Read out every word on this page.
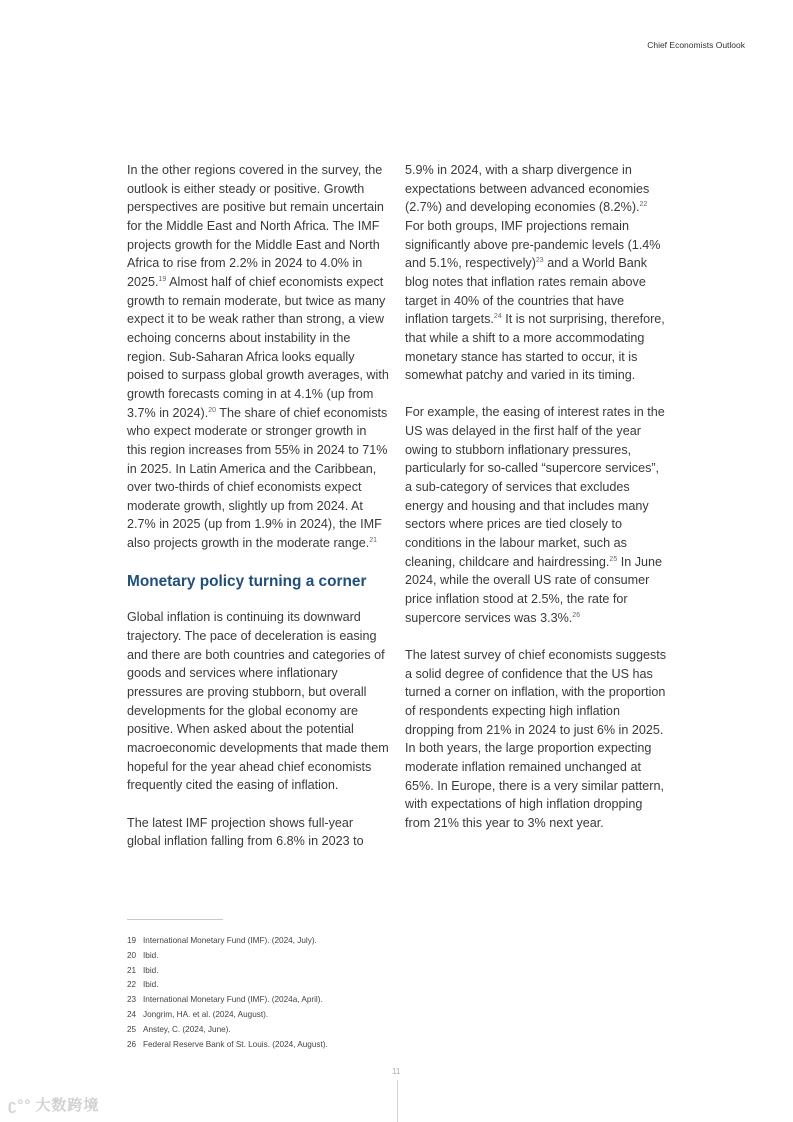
Chief Economists Outlook

In the other regions covered in the survey, the outlook is either steady or positive. Growth perspectives are positive but remain uncertain for the Middle East and North Africa. The IMF projects growth for the Middle East and North Africa to rise from 2.2% in 2024 to 4.0% in 2025.19 Almost half of chief economists expect growth to remain moderate, but twice as many expect it to be weak rather than strong, a view echoing concerns about instability in the region. Sub-Saharan Africa looks equally poised to surpass global growth averages, with growth forecasts coming in at 4.1% (up from 3.7% in 2024).$^{20}$ The share of chief economists who expect moderate or stronger growth in this region increases from 55% in 2024 to 71% in 2025. In Latin America and the Caribbean, over two-thirds of chief economists expect moderate growth, slightly up from 2024. At 2.7% in 2025 (up from 1.9% in 2024), the IMF also projects growth in the moderate range.$^{21}$

Monetary policy turning a corner

Global inflation is continuing its downward trajectory. The pace of deceleration is easing and there are both countries and categories of goods and services where inflationary pressures are proving stubborn, but overall developments for the global economy are positive. When asked about the potential macroeconomic developments that made them hopeful for the year ahead chief economists frequently cited the easing of inflation.

The latest IMF projection shows full-year global inflation falling from 6.8% in 2023 to

5.9% in 2024, with a sharp divergence in expectations between advanced economies (2.7%) and developing economies (8.2%).$^{22}$ For both groups, IMF projections remain significantly above pre-pandemic levels (1.4% and 5.1%, respectively)$^{23}$ and a World Bank blog notes that inflation rates remain above target in 40% of the countries that have inflation targets.$^{24}$ It is not surprising, therefore, that while a shift to a more accommodating monetary stance has started to occur, it is somewhat patchy and varied in its timing.

For example, the easing of interest rates in the US was delayed in the first half of the year owing to stubborn inflationary pressures, particularly for so-called “supercore services”, a sub-category of services that excludes energy and housing and that includes many sectors where prices are tied closely to conditions in the labour market, such as cleaning, childcare and hairdressing.$^{25}$ In June 2024, while the overall US rate of consumer price inflation stood at 2.5%, the rate for supercore services was 3.3%.$^{26}$

The latest survey of chief economists suggests a solid degree of confidence that the US has turned a corner on inflation, with the proportion of respondents expecting high inflation dropping from 21% in 2024 to just 6% in 2025. In both years, the large proportion expecting moderate inflation remained unchanged at 65%. In Europe, there is a very similar pattern, with expectations of high inflation dropping from 21% this year to 3% next year.

19 International Monetary Fund (IMF). (2024, July).
20 Ibid.
21 Ibid.
22 Ibid.
23 International Monetary Fund (IMF). (2024a, April).
24 Jongrim, HA. et al. (2024, August).
25 Anstey, C. (2024, June).
26 Federal Reserve Bank of St. Louis. (2024, August).
11
ʗ°° 大数跨境
